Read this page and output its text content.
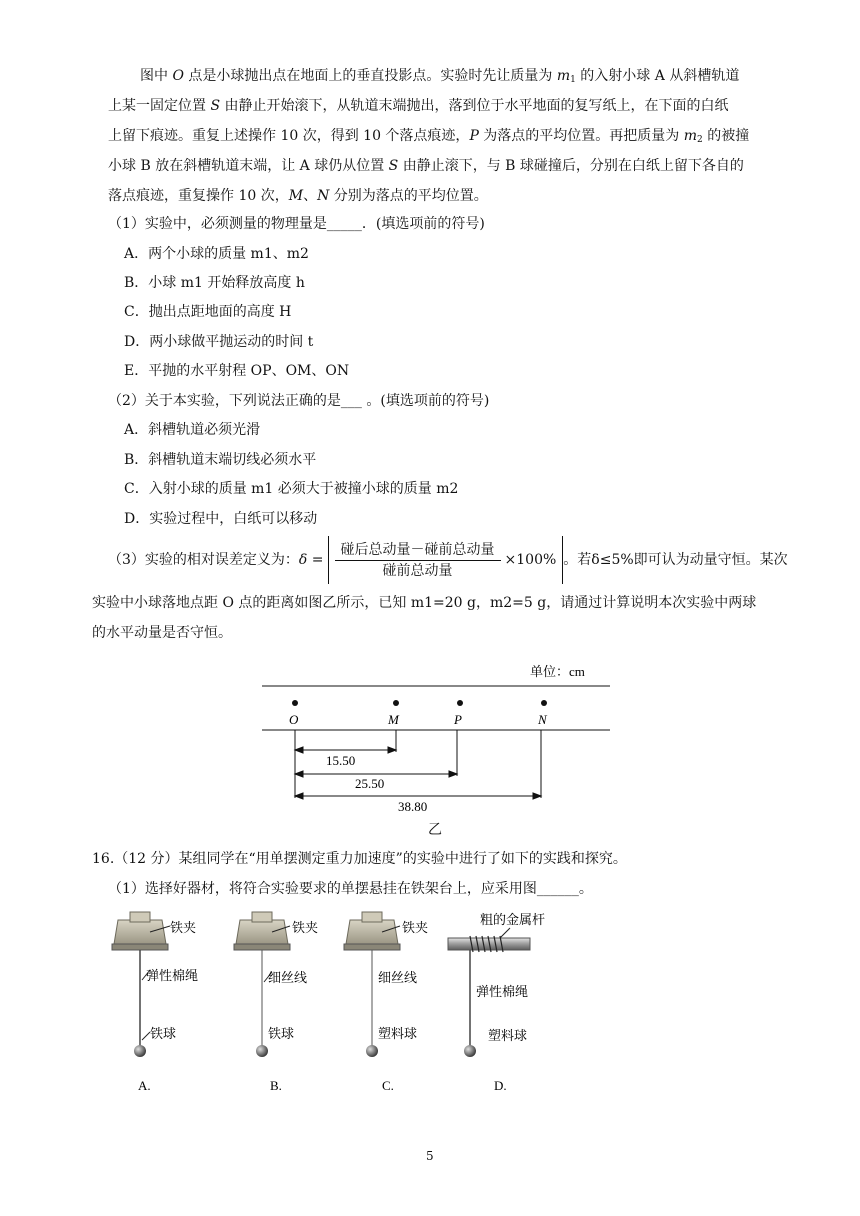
图中 O 点是小球抛出点在地面上的垂直投影点。实验时先让质量为 $m_1$ 的入射小球 A 从斜槽轨道
上某一固定位置 S 由静止开始滚下，从轨道末端抛出，落到位于水平地面的复写纸上，在下面的白纸
上留下痕迹。重复上述操作 10 次，得到 10 个落点痕迹，P 为落点的平均位置。再把质量为 $m_2$ 的被撞
小球 B 放在斜槽轨道末端，让 A 球仍从位置 S 由静止滚下，与 B 球碰撞后，分别在白纸上留下各自的
落点痕迹，重复操作 10 次，M、N 分别为落点的平均位置。
（1）实验中，必须测量的物理量是_____．(填选项前的符号)
A．两个小球的质量 m1、m2
B．小球 m1 开始释放高度 h
C．抛出点距地面的高度 H
D．两小球做平抛运动的时间 t
E．平抛的水平射程 OP、OM、ON
（2）关于本实验，下列说法正确的是___ 。(填选项前的符号)
A．斜槽轨道必须光滑
B．斜槽轨道末端切线必须水平
C．入射小球的质量 m1 必须大于被撞小球的质量 m2
D．实验过程中，白纸可以移动
（3）实验的相对误差定义为： $\delta = \frac{\text{碰后总动量－碰前总动量}}{\text{碰前总动量}} \times 100\%$ 。若δ≤5%即可认为动量守恒。某次
实验中小球落地点距 O 点的距离如图乙所示，已知 m1=20 g，m2=5 g，请通过计算说明本次实验中两球
的水平动量是否守恒。
单位：cm
O	M	P	N
15.50
25.50
38.80
乙
16.（12 分）某组同学在“用单摆测定重力加速度”的实验中进行了如下的实践和探究。
（1）选择好器材，将符合实验要求的单摆悬挂在铁架台上，应采用图______。
铁夹
弹性棉绳
铁球
A.
铁夹
细丝线
铁球
B.
铁夹
细丝线
塑料球
C.
粗的金属杆
弹性棉绳
塑料球
D.
5
